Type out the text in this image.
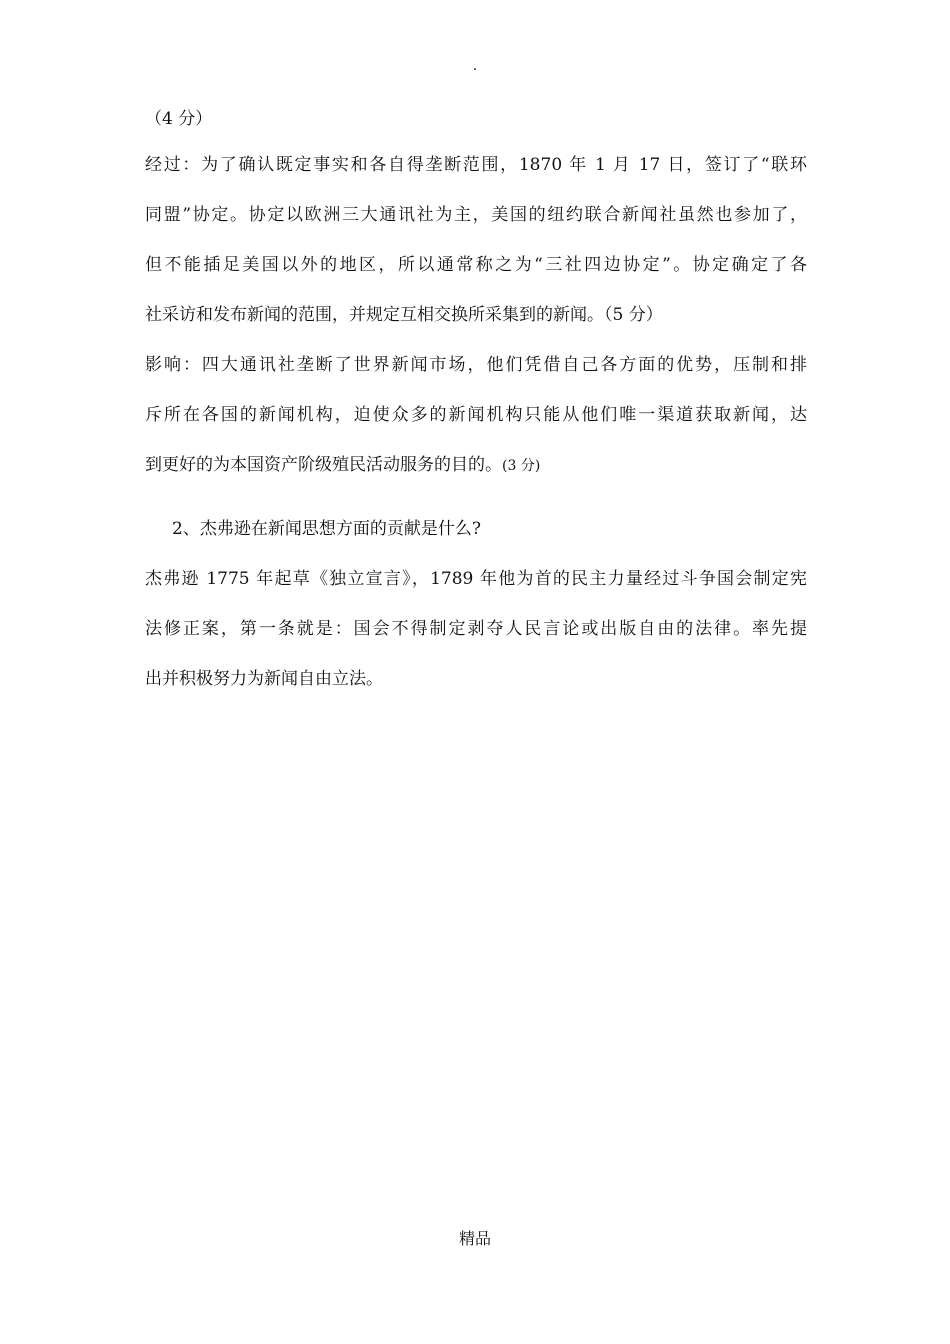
.
（4 分）
经过：为了确认既定事实和各自得垄断范围，1870 年 1 月 17 日，签订了“联环
同盟”协定。协定以欧洲三大通讯社为主，美国的纽约联合新闻社虽然也参加了，
但不能插足美国以外的地区，所以通常称之为“三社四边协定”。协定确定了各
社采访和发布新闻的范围，并规定互相交换所采集到的新闻。（5 分）
影响：四大通讯社垄断了世界新闻市场，他们凭借自己各方面的优势，压制和排
斥所在各国的新闻机构，迫使众多的新闻机构只能从他们唯一渠道获取新闻，达
到更好的为本国资产阶级殖民活动服务的目的。(3 分)
2、杰弗逊在新闻思想方面的贡献是什么?
杰弗逊 1775 年起草《独立宣言》，1789 年他为首的民主力量经过斗争国会制定宪
法修正案，第一条就是：国会不得制定剥夺人民言论或出版自由的法律。率先提
出并积极努力为新闻自由立法。
精品
